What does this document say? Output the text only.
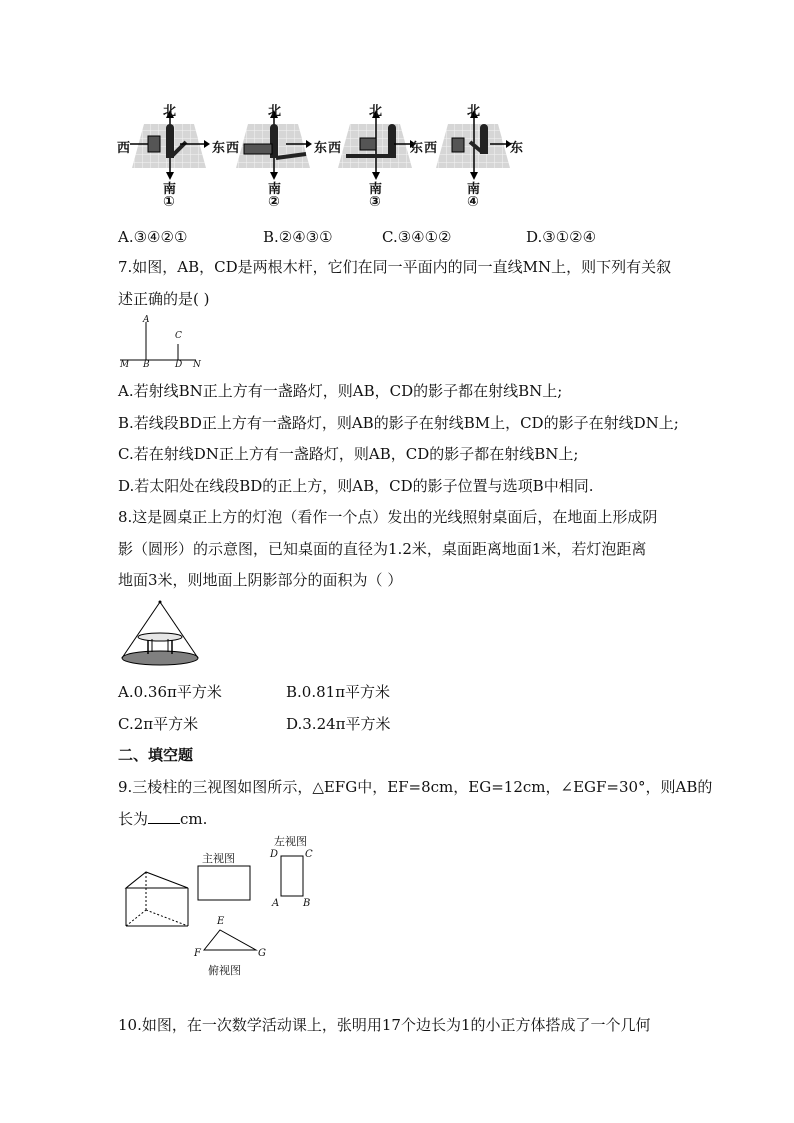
北	北	北	北
西	东 西	东 西	东 西	东
南	南	南	南
①	②	③	④
A.③④②①	B.②④③①	C.③④①②	D.③①②④
7.如图，AB，CD是两根木杆，它们在同一平面内的同一直线MN上，则下列有关叙
述正确的是( )
A
C
M B	D N
A.若射线BN正上方有一盏路灯，则AB，CD的影子都在射线BN上;
B.若线段BD正上方有一盏路灯，则AB的影子在射线BM上，CD的影子在射线DN上;
C.若在射线DN正上方有一盏路灯，则AB，CD的影子都在射线BN上;
D.若太阳处在线段BD的正上方，则AB，CD的影子位置与选项B中相同.
8.这是圆桌正上方的灯泡（看作一个点）发出的光线照射桌面后，在地面上形成阴
影（圆形）的示意图，已知桌面的直径为1.2米，桌面距离地面1米，若灯泡距离
地面3米，则地面上阴影部分的面积为（ ）
A.0.36π平方米	B.0.81π平方米
C.2π平方米	D.3.24π平方米
二、填空题
9.三棱柱的三视图如图所示，△EFG中，EF=8cm，EG=12cm，∠EGF=30°，则AB的
长为 cm.
主视图
左视图
俯视图
D	C
A B
E
F	G
10.如图，在一次数学活动课上，张明用17个边长为1的小正方体搭成了一个几何
